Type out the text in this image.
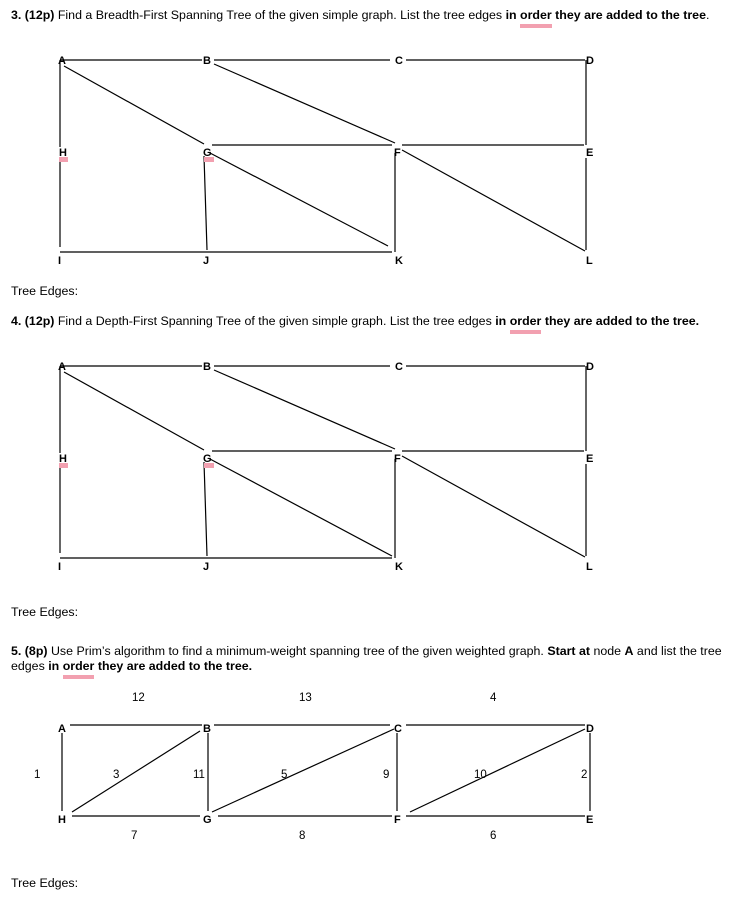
3. (12p) Find a Breadth-First Spanning Tree of the given simple graph. List the tree edges in order they are added to the tree.
A	B	C	D
H	G	F	E
I	J	K	L
Tree Edges:
4. (12p) Find a Depth-First Spanning Tree of the given simple graph. List the tree edges in order they are added to the tree.
A	B	C	D
H	G	F	E
I	J	K	L
Tree Edges:
5. (8p) Use Prim’s algorithm to find a minimum-weight spanning tree of the given weighted graph. Start at node A and list the tree edges in order they are added to the tree.
12	13	4
1	3	11	5	9	10	2
7	8	6
A	B	C	D
H	G	F	E
Tree Edges:
